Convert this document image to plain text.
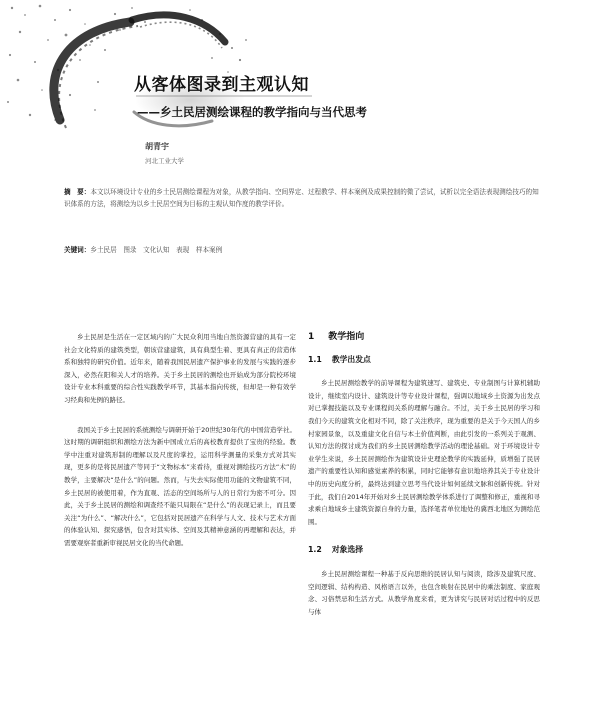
从客体图录到主观认知
——乡土民居测绘课程的教学指向与当代思考
胡青宇
河北工业大学

摘　要：本文以环境设计专业的乡土民居测绘课程为对象，从教学指向、空间界定、过程教学、样本案例及成果控制的微了尝试，试析以完全语法表现测绘技巧的知识体系的方法，将测绘为以乡土民居空间为目标的主观认知作度的教学评价。

关键词：乡土民居　图录　文化认知　表现　样本案例

乡土民居是生活在一定区域内的广大民众利用当地自然资源营建的具有一定社会文化特质的建筑类型，朝该营建建筑，具有典型生着、更具有真正的营造体系和独特的研究价值。近年来，随着我国民居遗产保护事业的发展与实践的逐步深入，必然在阳和关人才的培养。关于乡土民居的测绘也开始成为部分院校环境设计专业本科重要的综合性实践教学环节，其基本指向传统，但却是一种有效学习经典和先例的路径。

我国关于乡土民居的系统测绘与调研开始于20世纪30年代的中国营造学社。这时期的调研组织和测绘方法为新中国成立后的高校教育提供了宝贵的经验。教学中注重对建筑形制的理解以及尺度的掌控，运用科学测量的采集方式对其实现，更多的是将民居遗产等同于“文物标本”来看待，重视对测绘技巧方法“术”的教学，主要解决“是什么”的问题。然而，与失去实际使用功能的文物建筑不同，乡土民居的被使用着，作为直观、活态的空间场所与人的日常行为密不可分。因此，关于乡土民居的测绘和调查经不能只局限在“是什么”的表现记录上，而且要关注“为什么”、“解决什么”，它包括对民居遗产在科学与人文、技术与艺术方面的体验认知、探究感悟，包含对其实体、空间及其精神意涵的再理解和表达，并需要观察者重新审视民居文化的当代命题。

1 教学指向
1.1 教学出发点

乡土民居测绘教学的前导课程为建筑速写、建筑史、专业制图与计算机辅助设计，继续室内设计、建筑设计等专业设计课程，强调以地域乡土资源为出发点对已掌握技能以及专业课程间关系的理解与融合。不过，关于乡土民居的学习和我们今天的建筑文化相对不同，除了关注秩序，现为重要的是关于今天国人的乡村家园景象，以及重建文化自信与本土价值判断，由此引发的一系列关于观测、认知方法的探讨成为我们的乡土民居测绘教学活动的理论基础。对于环境设计专业学生来说，乡土民居测绘作为建筑设计史理论教学的实践延伸，质增强了民居遗产的重要性认知和感觉素养的积累，同时它能够有意识地培养其关于专业设计中的历史向度分析，最终达到建立思考当代设计如何延续文脉和创新传统。针对于此，我们自2014年开始对乡土民居测绘教学体系进行了调整和修正，重视和寻求乘自地域乡土建筑资源自身的力量，选择笔者单位地处的冀西北地区为测绘范围。

1.2 对象选择

乡土民居测绘课程一种基于反向思维的民居认知与阅读，除涉及建筑尺度、空间逻辑、结构构造、风格语言以外，也包含映射在民居中的乘法制度、家庭观念、习俗禁忌和生活方式。从教学角度来看，更为讲究与民居对话过程中的反思与体
